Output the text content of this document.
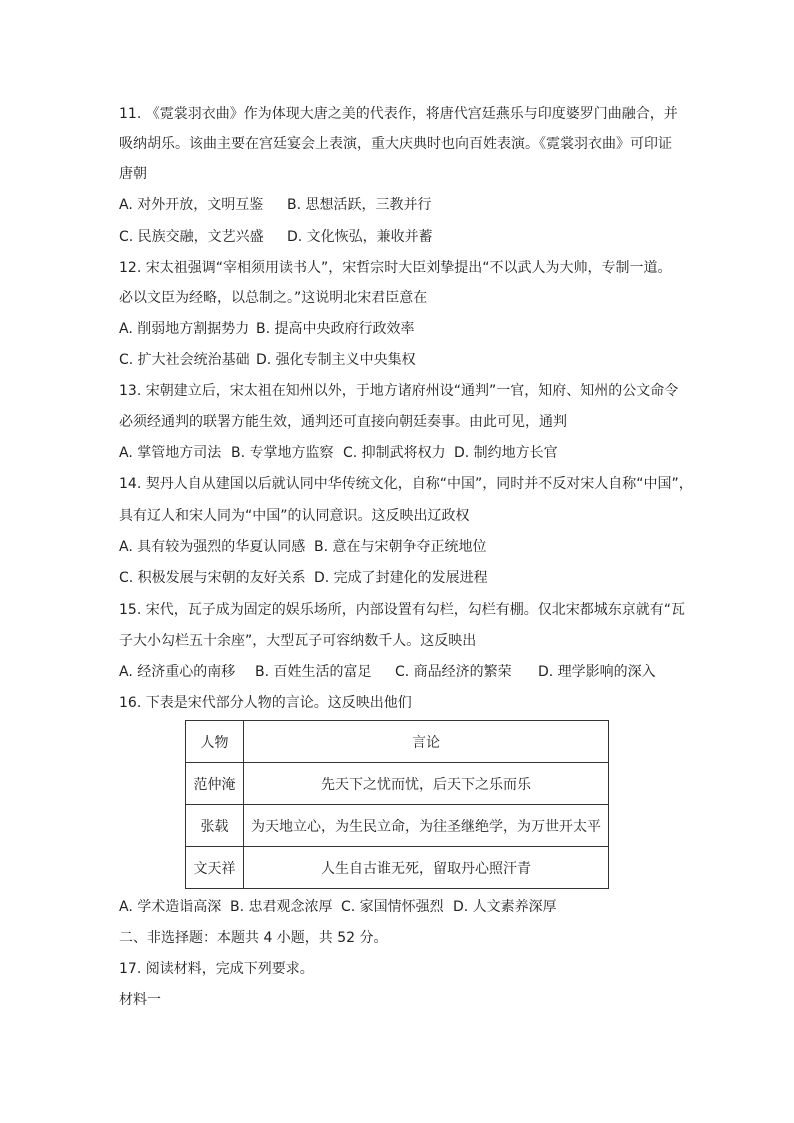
11. 《霓裳羽衣曲》作为体现大唐之美的代表作，将唐代宫廷燕乐与印度婆罗门曲融合，并
吸纳胡乐。该曲主要在宫廷宴会上表演，重大庆典时也向百姓表演。《霓裳羽衣曲》可印证
唐朝
A. 对外开放，文明互鉴 B. 思想活跃，三教并行
C. 民族交融，文艺兴盛 D. 文化恢弘，兼收并蓄
12. 宋太祖强调“宰相须用读书人”，宋哲宗时大臣刘挚提出“不以武人为大帅，专制一道。
必以文臣为经略，以总制之。”这说明北宋君臣意在
A. 削弱地方割据势力 B. 提高中央政府行政效率
C. 扩大社会统治基础 D. 强化专制主义中央集权
13. 宋朝建立后，宋太祖在知州以外，于地方诸府州设“通判”一官，知府、知州的公文命令
必须经通判的联署方能生效，通判还可直接向朝廷奏事。由此可见，通判
A. 掌管地方司法 B. 专掌地方监察 C. 抑制武将权力 D. 制约地方长官
14. 契丹人自从建国以后就认同中华传统文化，自称“中国”，同时并不反对宋人自称“中国”，
具有辽人和宋人同为“中国”的认同意识。这反映出辽政权
A. 具有较为强烈的华夏认同感 B. 意在与宋朝争夺正统地位
C. 积极发展与宋朝的友好关系 D. 完成了封建化的发展进程
15. 宋代，瓦子成为固定的娱乐场所，内部设置有勾栏，勾栏有棚。仅北宋都城东京就有“瓦
子大小勾栏五十余座”，大型瓦子可容纳数千人。这反映出
A. 经济重心的南移 B. 百姓生活的富足 C. 商品经济的繁荣 D. 理学影响的深入
16. 下表是宋代部分人物的言论。这反映出他们
人物	言论
范仲淹	先天下之忧而忧，后天下之乐而乐
张载	为天地立心，为生民立命，为往圣继绝学，为万世开太平
文天祥	人生自古谁无死，留取丹心照汗青
A. 学术造诣高深 B. 忠君观念浓厚 C. 家国情怀强烈 D. 人文素养深厚
二、非选择题：本题共 4 小题，共 52 分。
17. 阅读材料，完成下列要求。
材料一
